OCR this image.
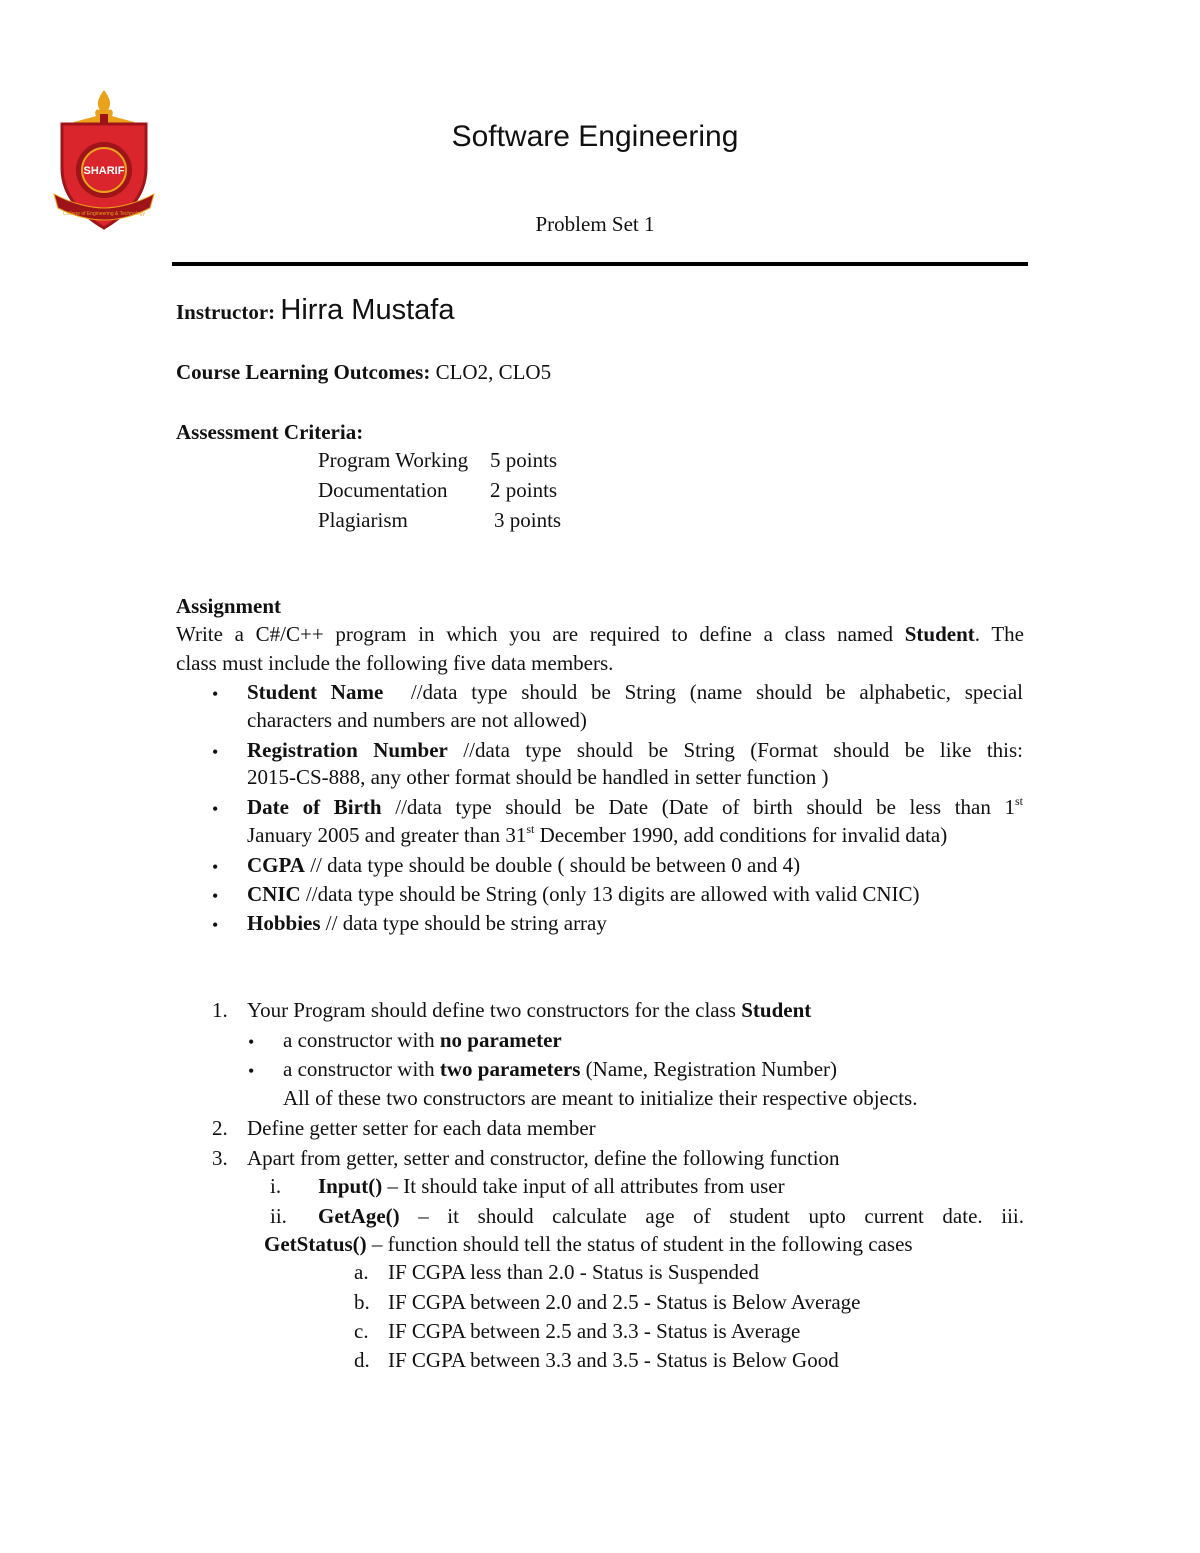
SHARIF
College of Engineering & Technology
Software Engineering
Problem Set 1
Instructor: Hirra Mustafa
Course Learning Outcomes: CLO2, CLO5
Assessment Criteria:
Program Working 5 points
Documentation 2 points
Plagiarism	3 points
Assignment
Write a C#/C++ program in which you are required to define a class named Student. The
class must include the following five data members.
• Student Name //data type should be String (name should be alphabetic, special
characters and numbers are not allowed)
• Registration Number //data type should be String (Format should be like this:
2015-CS-888, any other format should be handled in setter function )
• Date of Birth //data type should be Date (Date of birth should be less than 1st
January 2005 and greater than 31st December 1990, add conditions for invalid data)
• CGPA // data type should be double ( should be between 0 and 4)
• CNIC //data type should be String (only 13 digits are allowed with valid CNIC)
• Hobbies // data type should be string array
1. Your Program should define two constructors for the class Student
• a constructor with no parameter
• a constructor with two parameters (Name, Registration Number)
All of these two constructors are meant to initialize their respective objects.
2. Define getter setter for each data member
3. Apart from getter, setter and constructor, define the following function
i. Input() – It should take input of all attributes from user
ii. GetAge() – it should calculate age of student upto current date. iii.
GetStatus() – function should tell the status of student in the following cases
a. IF CGPA less than 2.0 - Status is Suspended
b. IF CGPA between 2.0 and 2.5 - Status is Below Average
c. IF CGPA between 2.5 and 3.3 - Status is Average
d. IF CGPA between 3.3 and 3.5 - Status is Below Good
